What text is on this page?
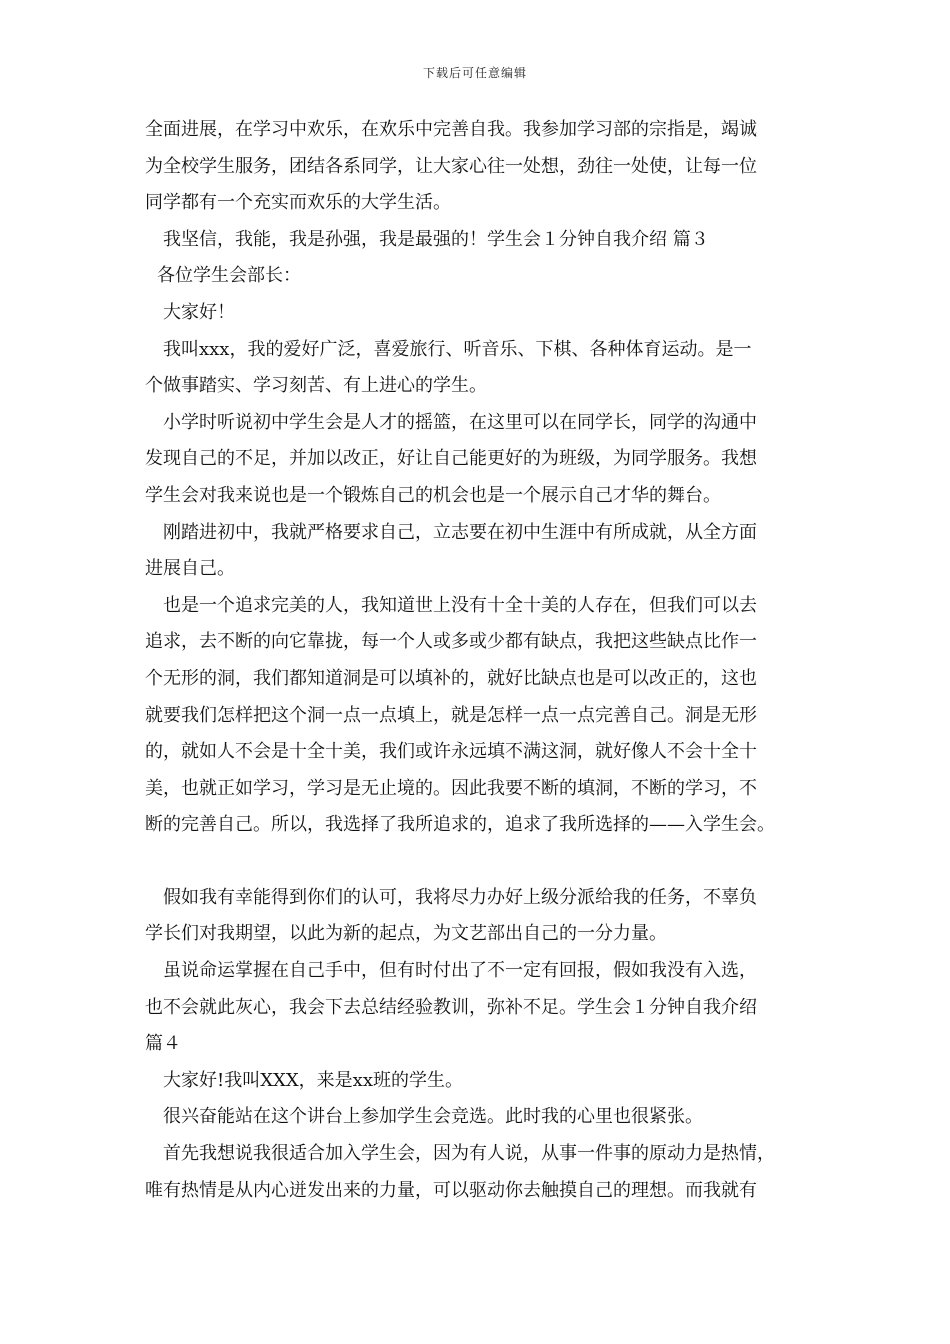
下载后可任意编辑
全面进展，在学习中欢乐，在欢乐中完善自我。我参加学习部的宗指是，竭诚
为全校学生服务，团结各系同学，让大家心往一处想，劲往一处使，让每一位
同学都有一个充实而欢乐的大学生活。
我坚信，我能，我是孙强，我是最强的！学生会１分钟自我介绍 篇３
各位学生会部长：
大家好！
我叫xxx，我的爱好广泛，喜爱旅行、听音乐、下棋、各种体育运动。是一
个做事踏实、学习刻苦、有上进心的学生。
小学时听说初中学生会是人才的摇篮，在这里可以在同学长，同学的沟通中
发现自己的不足，并加以改正，好让自己能更好的为班级，为同学服务。我想
学生会对我来说也是一个锻炼自己的机会也是一个展示自己才华的舞台。
刚踏进初中，我就严格要求自己，立志要在初中生涯中有所成就，从全方面
进展自己。
也是一个追求完美的人，我知道世上没有十全十美的人存在，但我们可以去
追求，去不断的向它靠拢，每一个人或多或少都有缺点，我把这些缺点比作一
个无形的洞，我们都知道洞是可以填补的，就好比缺点也是可以改正的，这也
就要我们怎样把这个洞一点一点填上，就是怎样一点一点完善自己。洞是无形
的，就如人不会是十全十美，我们或许永远填不满这洞，就好像人不会十全十
美，也就正如学习，学习是无止境的。因此我要不断的填洞，不断的学习，不
断的完善自己。所以，我选择了我所追求的，追求了我所选择的——入学生会。
假如我有幸能得到你们的认可，我将尽力办好上级分派给我的任务，不辜负
学长们对我期望，以此为新的起点，为文艺部出自己的一分力量。
虽说命运掌握在自己手中，但有时付出了不一定有回报，假如我没有入选，
也不会就此灰心，我会下去总结经验教训，弥补不足。学生会１分钟自我介绍
篇４
大家好!我叫XXX，来是xx班的学生。
很兴奋能站在这个讲台上参加学生会竞选。此时我的心里也很紧张。
首先我想说我很适合加入学生会，因为有人说，从事一件事的原动力是热情，
唯有热情是从内心迸发出来的力量，可以驱动你去触摸自己的理想。而我就有
